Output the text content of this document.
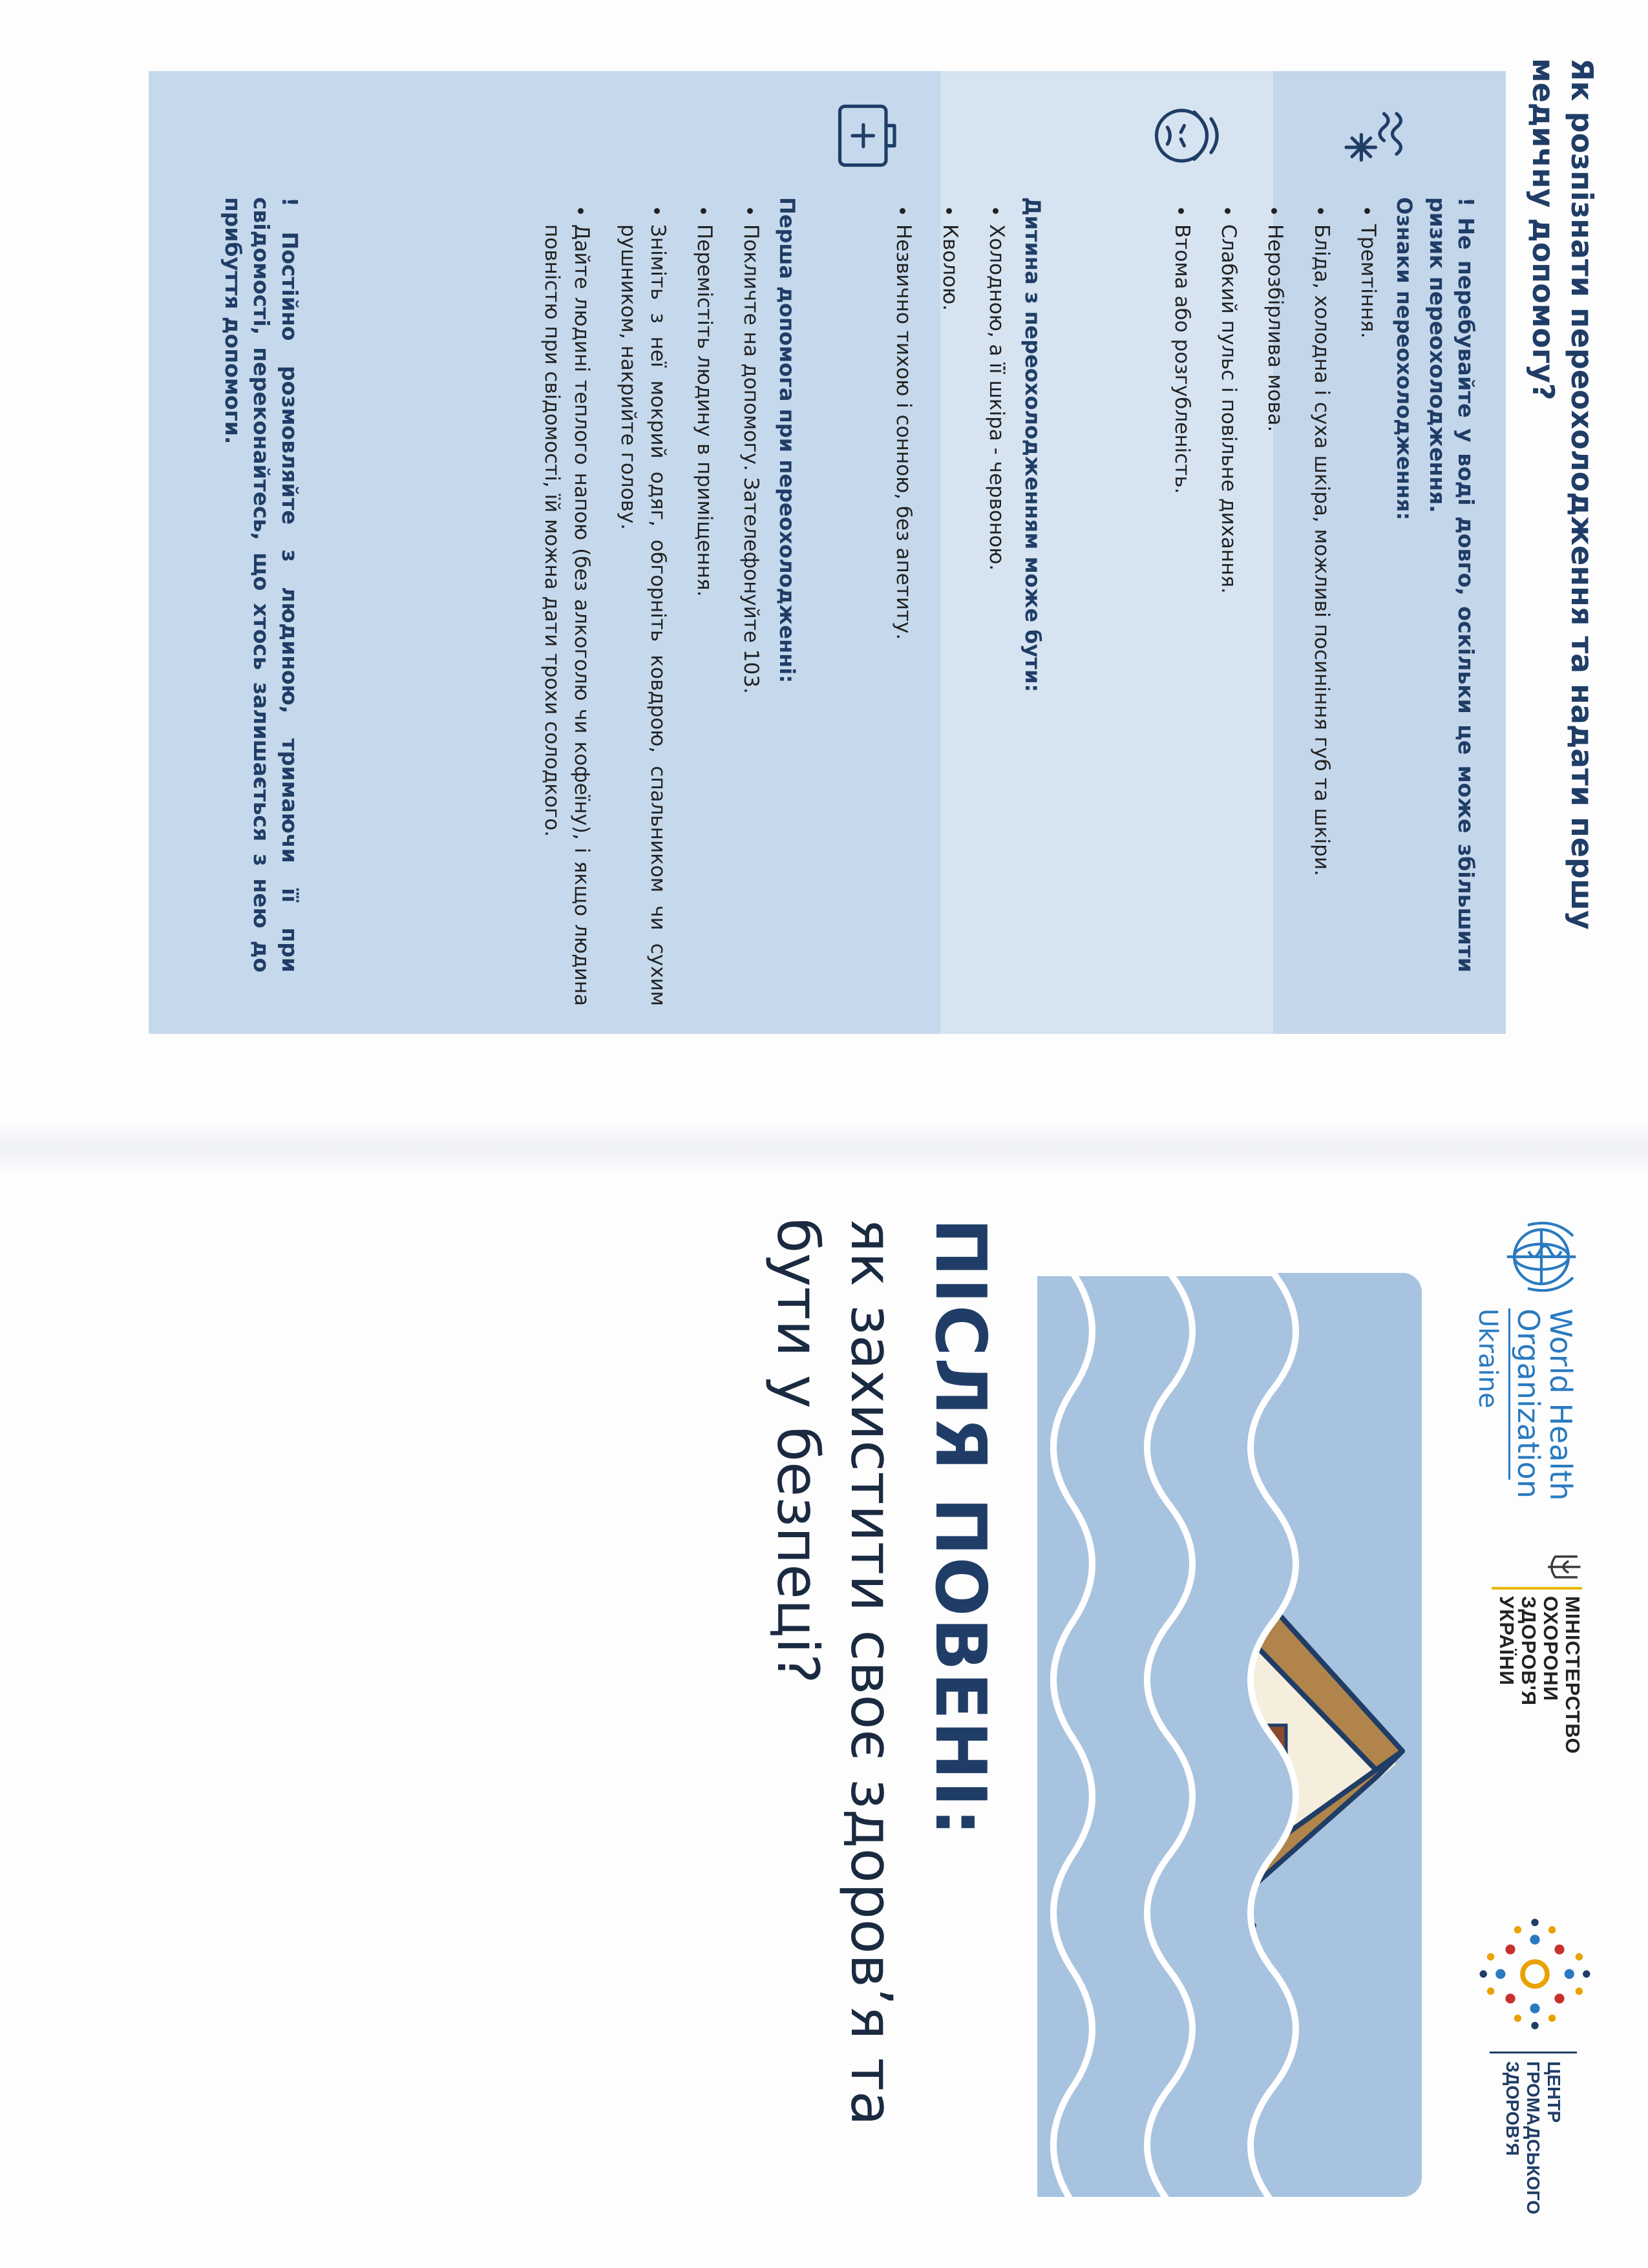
Як розпізнати переохолодження та надати першу медичну допомогу?
! Не перебувайте у воді довго, оскільки це може збільшити ризик переохолодження.
Ознаки переохолодження:
• Тремтіння.
• Бліда, холодна і суха шкіра, можливі посиніння губ та шкіри.
• Нерозбірлива мова.
• Слабкий пульс і повільне дихання.
• Втома або розгубленість.
Дитина з переохолодженням може бути:
• Холодною, а її шкіра - червоною.
• Кволою.
• Незвично тихою і сонною, без апетиту.
Перша допомога при переохолодженні:
• Покличте на допомогу. Зателефонуйте 103.
• Перемістіть людину в приміщення.
• Зніміть з неї мокрий одяг, обгорніть ковдрою, спальником чи сухим рушником, накрийте голову.
• Дайте людині теплого напою (без алкоголю чи кофеїну), і якщо людина повністю при свідомості, їй можна дати трохи солодкого.
! Постійно розмовляйте з людиною, тримаючи її при свідомості, переконайтесь, що хтось залишається з нею до прибуття допомоги.
World Health
Organization
Ukraine
МІНІСТЕРСТВО
ОХОРОНИ
ЗДОРОВ'Я
УКРАЇНИ
ЦЕНТР
ГРОМАДСЬКОГО
ЗДОРОВ'Я
ПІСЛЯ ПОВЕНІ:
як захистити своє здоров’я та бути у безпеці?
